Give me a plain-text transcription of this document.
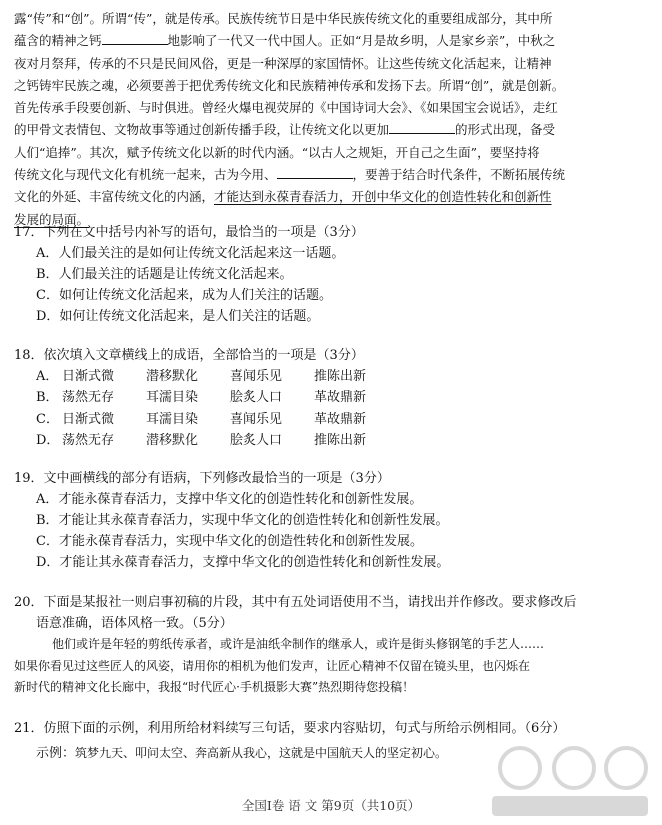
露“传”和“创”。所谓“传”，就是传承。民族传统节日是中华民族传统文化的重要组成部分，其中所
蕴含的精神之钙	地影响了一代又一代中国人。正如“月是故乡明，人是家乡亲”，中秋之
夜对月祭拜，传承的不只是民间风俗，更是一种深厚的家国情怀。让这些传统文化活起来，让精神
之钙铸牢民族之魂，必须要善于把优秀传统文化和民族精神传承和发扬下去。所谓“创”，就是创新。
首先传承手段要创新、与时俱进。曾经火爆电视荧屏的《中国诗词大会》、《如果国宝会说话》，走红
的甲骨文表情包、文物故事等通过创新传播手段，让传统文化以更加	的形式出现，备受
人们“追捧”。其次，赋予传统文化以新的时代内涵。“以古人之规矩，开自己之生面”，要坚持将
传统文化与现代文化有机统一起来，古为今用、	，要善于结合时代条件，不断拓展传统
文化的外延、丰富传统文化的内涵，才能达到永葆青春活力，开创中华文化的创造性转化和创新性
发展的局面。
17．下列在文中括号内补写的语句，最恰当的一项是（3分）
A．人们最关注的是如何让传统文化活起来这一话题。
B．人们最关注的话题是让传统文化活起来。
C．如何让传统文化活起来，成为人们关注的话题。
D．如何让传统文化活起来，是人们关注的话题。
18．依次填入文章横线上的成语，全部恰当的一项是（3分）
A． 日渐式微	潜移默化	喜闻乐见	推陈出新
B． 荡然无存	耳濡目染	脍炙人口	革故鼎新
C． 日渐式微	耳濡目染	喜闻乐见	革故鼎新
D． 荡然无存	潜移默化	脍炙人口	推陈出新
19．文中画横线的部分有语病，下列修改最恰当的一项是（3分）
A．才能永葆青春活力，支撑中华文化的创造性转化和创新性发展。
B．才能让其永葆青春活力，实现中华文化的创造性转化和创新性发展。
C．才能永葆青春活力，实现中华文化的创造性转化和创新性发展。
D．才能让其永葆青春活力，支撑中华文化的创造性转化和创新性发展。
20．下面是某报社一则启事初稿的片段，其中有五处词语使用不当，请找出并作修改。要求修改后
语意准确，语体风格一致。（5分）
他们或许是年轻的剪纸传承者，或许是油纸伞制作的继承人，或许是街头修钢笔的手艺人……
如果你看见过这些匠人的风姿，请用你的相机为他们发声，让匠心精神不仅留在镜头里，也闪烁在
新时代的精神文化长廊中，我报“时代匠心·手机摄影大赛”热烈期待您投稿！
21．仿照下面的示例，利用所给材料续写三句话，要求内容贴切，句式与所给示例相同。（6分）
示例：筑梦九天、叩问太空、奔高新从我心，这就是中国航天人的坚定初心。
全国Ⅰ卷 语 文 第9页（共10页）
